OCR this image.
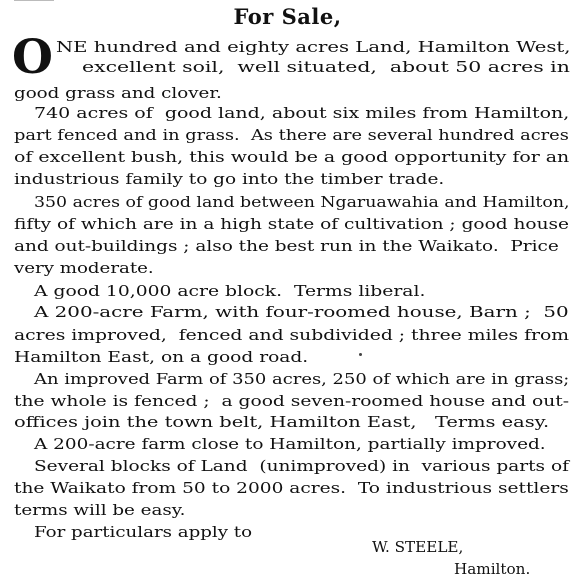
For Sale,
O NE hundred and eighty acres Land, Hamilton West,
excellent soil,  well situated,  about 50 acres in
good grass and clover.
740 acres of  good land, about six miles from Hamilton,
part fenced and in grass.  As there are several hundred acres
of excellent bush, this would be a good opportunity for an
industrious family to go into the timber trade.
350 acres of good land between Ngaruawahia and Hamilton,
fifty of which are in a high state of cultivation ; good house
and out-buildings ; also the best run in the Waikato.  Price
very moderate.
A good 10,000 acre block.  Terms liberal.
A 200-acre Farm, with four-roomed house, Barn ;  50
acres improved,  fenced and subdivided ; three miles from
Hamilton East, on a good road.
An improved Farm of 350 acres, 250 of which are in grass;
the whole is fenced ;  a good seven-roomed house and out-
offices join the town belt, Hamilton East,   Terms easy.
A 200-acre farm close to Hamilton, partially improved.
Several blocks of Land  (unimproved) in  various parts of
the Waikato from 50 to 2000 acres.  To industrious settlers
terms will be easy.
For particulars apply to
W. STEELE,
Hamilton.
